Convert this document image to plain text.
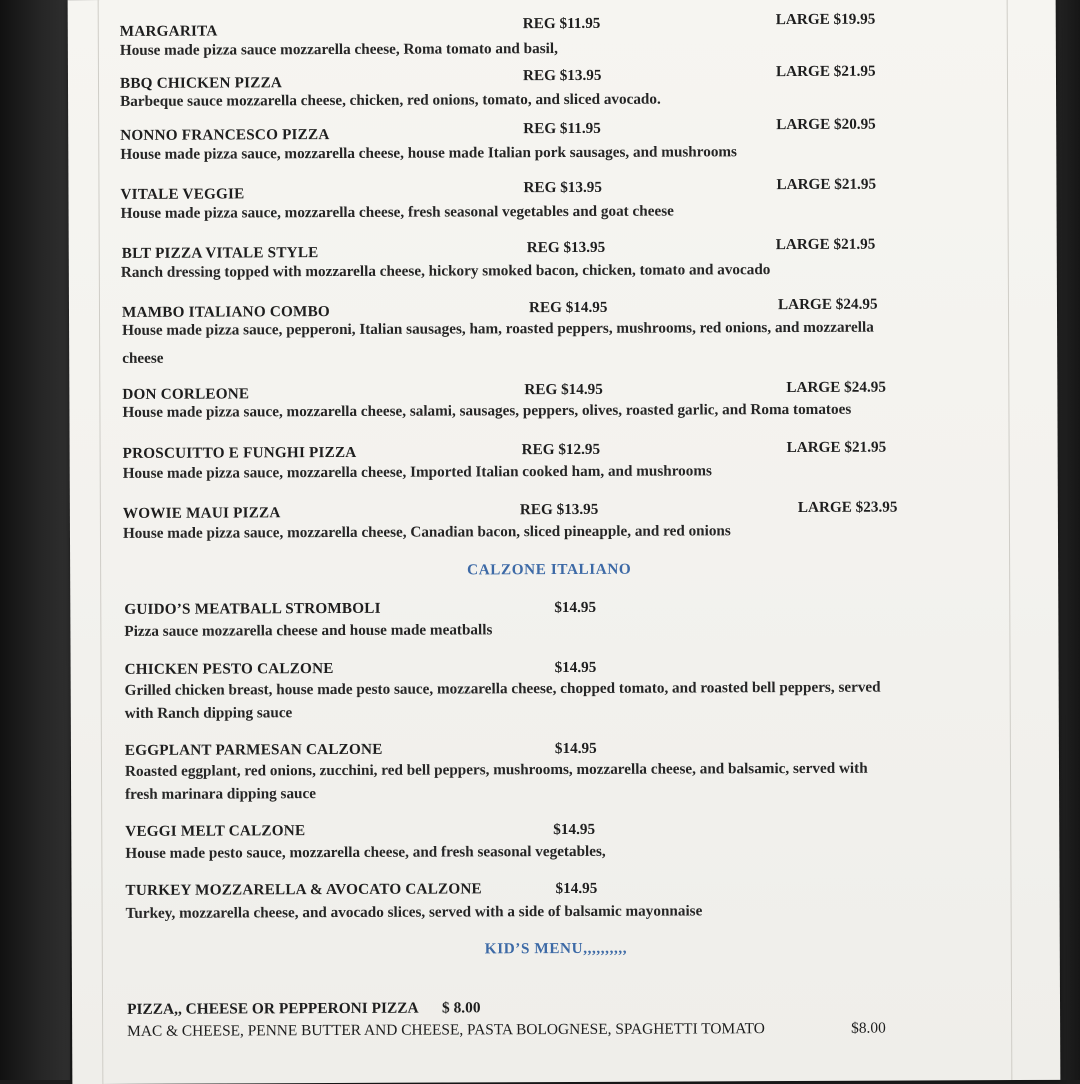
MARGARITA	REG $11.95	LARGE $19.95
House made pizza sauce mozzarella cheese, Roma tomato and basil,
BBQ CHICKEN PIZZA	REG $13.95	LARGE $21.95
Barbeque sauce mozzarella cheese, chicken, red onions, tomato, and sliced avocado.
NONNO FRANCESCO PIZZA	REG $11.95	LARGE $20.95
House made pizza sauce, mozzarella cheese, house made Italian pork sausages, and mushrooms
VITALE VEGGIE	REG $13.95	LARGE $21.95
House made pizza sauce, mozzarella cheese, fresh seasonal vegetables and goat cheese
BLT PIZZA VITALE STYLE	REG $13.95	LARGE $21.95
Ranch dressing topped with mozzarella cheese, hickory smoked bacon, chicken, tomato and avocado
MAMBO ITALIANO COMBO	REG $14.95	LARGE $24.95
House made pizza sauce, pepperoni, Italian sausages, ham, roasted peppers, mushrooms, red onions, and mozzarella
cheese
DON CORLEONE	REG $14.95	LARGE $24.95
House made pizza sauce, mozzarella cheese, salami, sausages, peppers, olives, roasted garlic, and Roma tomatoes
PROSCUITTO E FUNGHI PIZZA	REG $12.95	LARGE $21.95
House made pizza sauce, mozzarella cheese, Imported Italian cooked ham, and mushrooms
WOWIE MAUI PIZZA	REG $13.95	LARGE $23.95
House made pizza sauce, mozzarella cheese, Canadian bacon, sliced pineapple, and red onions
CALZONE ITALIANO
GUIDO’S MEATBALL STROMBOLI	$14.95
Pizza sauce mozzarella cheese and house made meatballs
CHICKEN PESTO CALZONE	$14.95
Grilled chicken breast, house made pesto sauce, mozzarella cheese, chopped tomato, and roasted bell peppers, served
with Ranch dipping sauce
EGGPLANT PARMESAN CALZONE	$14.95
Roasted eggplant, red onions, zucchini, red bell peppers, mushrooms, mozzarella cheese, and balsamic, served with
fresh marinara dipping sauce
VEGGI MELT CALZONE	$14.95
House made pesto sauce, mozzarella cheese, and fresh seasonal vegetables,
TURKEY MOZZARELLA & AVOCATO CALZONE	$14.95
Turkey, mozzarella cheese, and avocado slices, served with a side of balsamic mayonnaise
KID’S MENU,,,,,,,,,,
PIZZA,, CHEESE OR PEPPERONI PIZZA $ 8.00
MAC & CHEESE, PENNE BUTTER AND CHEESE, PASTA BOLOGNESE, SPAGHETTI TOMATO	$8.00
